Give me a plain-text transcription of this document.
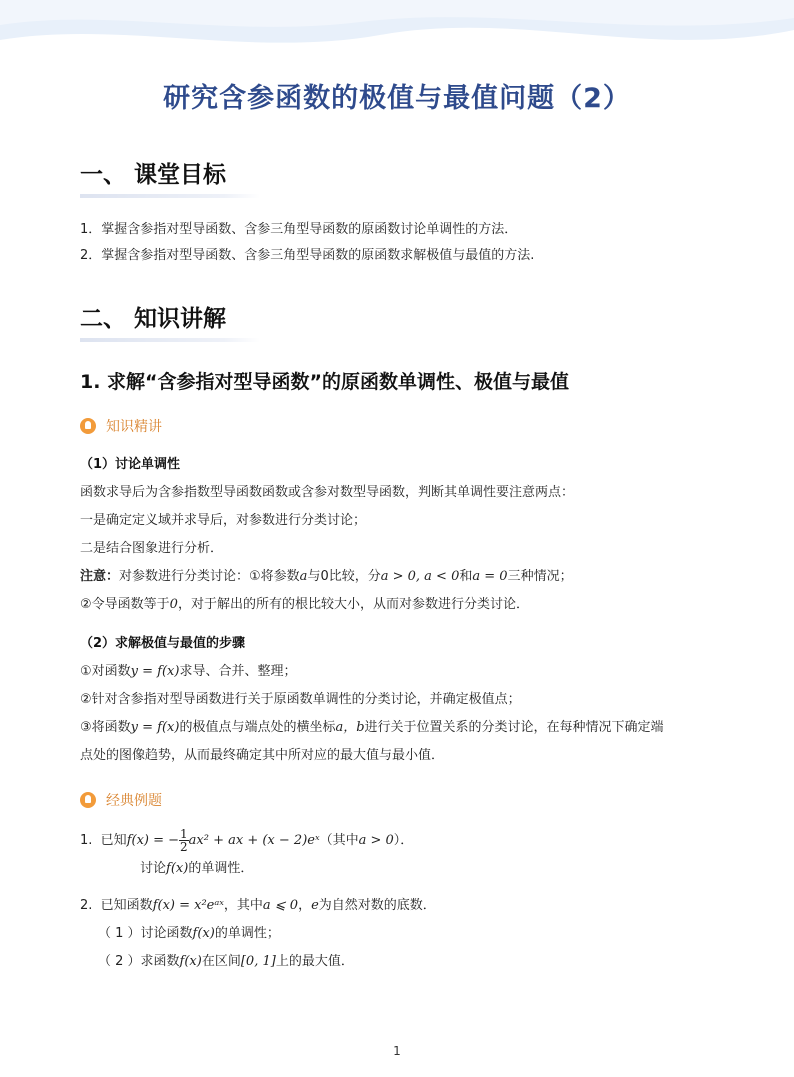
研究含参函数的极值与最值问题（2）
一、 课堂目标
1．掌握含参指对型导函数、含参三角型导函数的原函数讨论单调性的方法．
2．掌握含参指对型导函数、含参三角型导函数的原函数求解极值与最值的方法.
二、 知识讲解
1. 求解“含参指对型导函数”的原函数单调性、极值与最值
知识精讲
（1）讨论单调性
函数求导后为含参指数型导函数函数或含参对数型导函数，判断其单调性要注意两点：
一是确定定义域并求导后，对参数进行分类讨论；
二是结合图象进行分析．
注意：对参数进行分类讨论：①将参数a与0比较，分a > 0, a < 0和a = 0三种情况；
②令导函数等于0，对于解出的所有的根比较大小，从而对参数进行分类讨论．
（2）求解极值与最值的步骤
①对函数y = f(x)求导、合并、整理；
②针对含参指对型导函数进行关于原函数单调性的分类讨论，并确定极值点；
③将函数y = f(x)的极值点与端点处的横坐标a，b进行关于位置关系的分类讨论，在每种情况下确定端
点处的图像趋势，从而最终确定其中所对应的最大值与最小值．
经典例题
1. 已知f(x) = − $\frac{1}{2} ax^2$ + ax + (x − 2)eˣ（其中a > 0）．
讨论f(x)的单调性．
2. 已知函数f(x) = x²eᵃˣ，其中a ⩽ 0，e为自然对数的底数．
（ 1 ）讨论函数f(x)的单调性；
（ 2 ）求函数f(x)在区间[0, 1]上的最大值．
1
